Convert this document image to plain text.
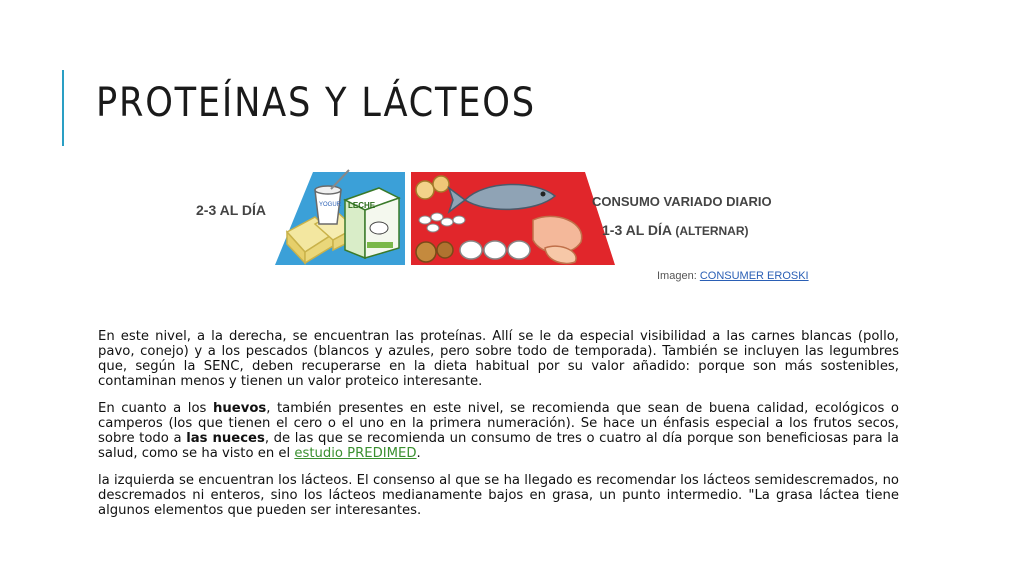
PROTEÍNAS Y LÁCTEOS
2-3 AL DÍA	YOGUR LECHE	CONSUMO VARIADO DIARIO
1-3 AL DÍA (ALTERNAR)
Imagen: CONSUMER EROSKI

En este nivel, a la derecha, se encuentran las proteínas. Allí se le da especial visibilidad a las carnes blancas (pollo, pavo, conejo) y a los pescados (blancos y azules, pero sobre todo de temporada). También se incluyen las legumbres que, según la SENC, deben recuperarse en la dieta habitual por su valor añadido: porque son más sostenibles, contaminan menos y tienen un valor proteico interesante.

En cuanto a los huevos, también presentes en este nivel, se recomienda que sean de buena calidad, ecológicos o camperos (los que tienen el cero o el uno en la primera numeración). Se hace un énfasis especial a los frutos secos, sobre todo a las nueces, de las que se recomienda un consumo de tres o cuatro al día porque son beneficiosas para la salud, como se ha visto en el estudio PREDIMED.

la izquierda se encuentran los lácteos. El consenso al que se ha llegado es recomendar los lácteos semidescremados, no descremados ni enteros, sino los lácteos medianamente bajos en grasa, un punto intermedio. "La grasa láctea tiene algunos elementos que pueden ser interesantes.
